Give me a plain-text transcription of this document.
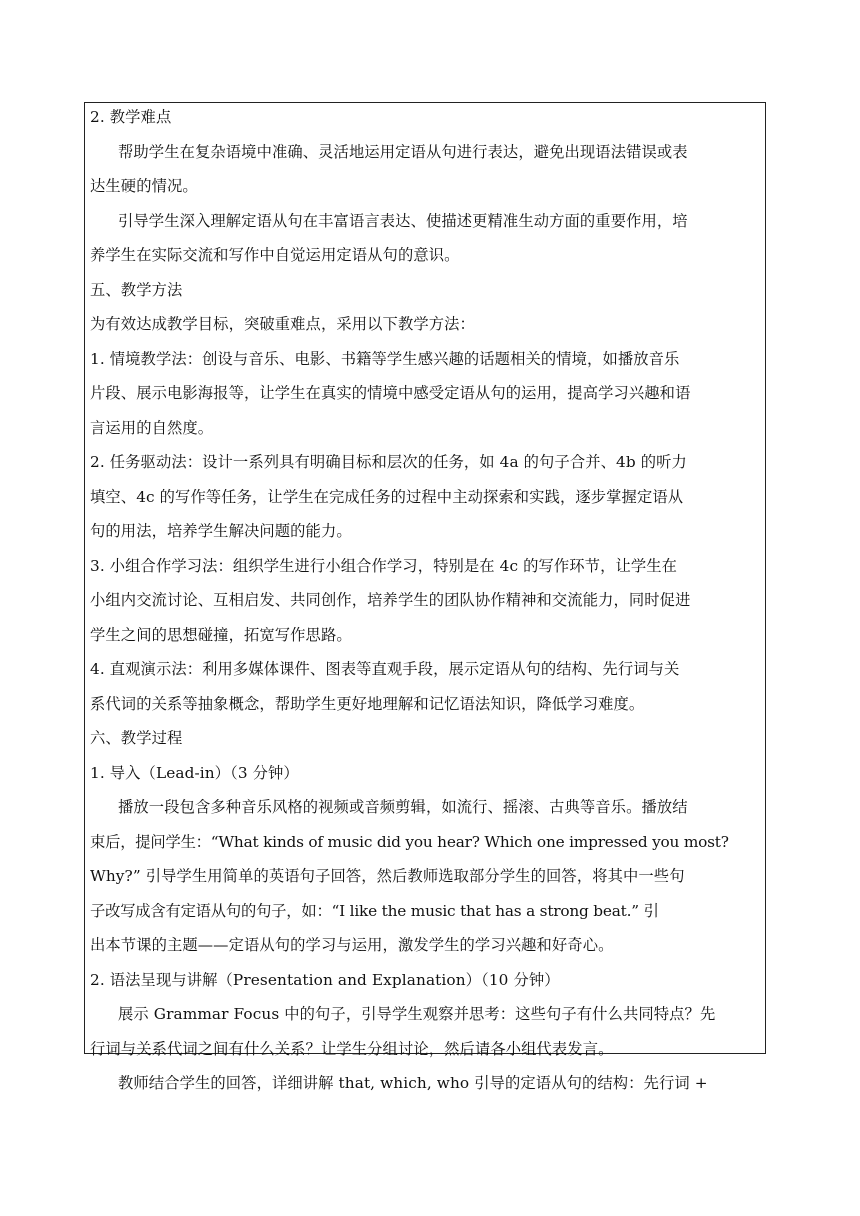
2. 教学难点
帮助学生在复杂语境中准确、灵活地运用定语从句进行表达，避免出现语法错误或表
达生硬的情况。
引导学生深入理解定语从句在丰富语言表达、使描述更精准生动方面的重要作用，培
养学生在实际交流和写作中自觉运用定语从句的意识。
五、教学方法
为有效达成教学目标，突破重难点，采用以下教学方法：
1. 情境教学法：创设与音乐、电影、书籍等学生感兴趣的话题相关的情境，如播放音乐
片段、展示电影海报等，让学生在真实的情境中感受定语从句的运用，提高学习兴趣和语
言运用的自然度。
2. 任务驱动法：设计一系列具有明确目标和层次的任务，如 4a 的句子合并、4b 的听力
填空、4c 的写作等任务，让学生在完成任务的过程中主动探索和实践，逐步掌握定语从
句的用法，培养学生解决问题的能力。
3. 小组合作学习法：组织学生进行小组合作学习，特别是在 4c 的写作环节，让学生在
小组内交流讨论、互相启发、共同创作，培养学生的团队协作精神和交流能力，同时促进
学生之间的思想碰撞，拓宽写作思路。
4. 直观演示法：利用多媒体课件、图表等直观手段，展示定语从句的结构、先行词与关
系代词的关系等抽象概念，帮助学生更好地理解和记忆语法知识，降低学习难度。
六、教学过程
1. 导入（Lead-in）（3 分钟）
播放一段包含多种音乐风格的视频或音频剪辑，如流行、摇滚、古典等音乐。播放结
束后，提问学生：“What kinds of music did you hear? Which one impressed you most?
Why?” 引导学生用简单的英语句子回答，然后教师选取部分学生的回答，将其中一些句
子改写成含有定语从句的句子，如：“I like the music that has a strong beat.” 引
出本节课的主题——定语从句的学习与运用，激发学生的学习兴趣和好奇心。
2. 语法呈现与讲解（Presentation and Explanation）（10 分钟）
展示 Grammar Focus 中的句子，引导学生观察并思考：这些句子有什么共同特点？先
行词与关系代词之间有什么关系？让学生分组讨论，然后请各小组代表发言。
教师结合学生的回答，详细讲解 that, which, who 引导的定语从句的结构：先行词 +
